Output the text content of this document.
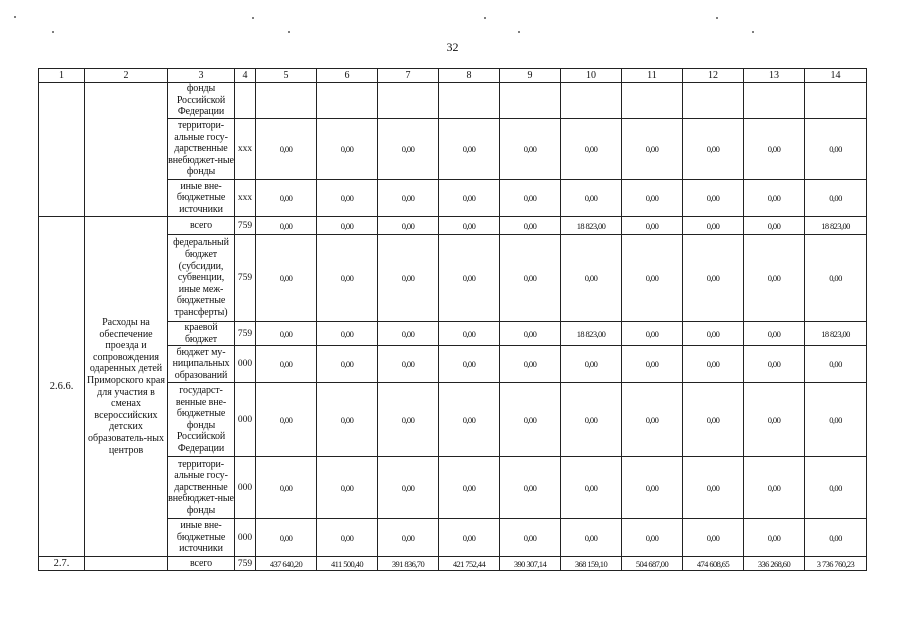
32
1	2	3	4	5	6	7	8	9	10	11	12	13	14
		фонды Российской Федерации											
		территори-альные госу-дарственные внебюджет-ные фонды	xxx	0,00	0,00	0,00	0,00	0,00	0,00	0,00	0,00	0,00	0,00
		иные вне-бюджетные источники	xxx	0,00	0,00	0,00	0,00	0,00	0,00	0,00	0,00	0,00	0,00
2.6.6.	Расходы на обеспечение проезда и сопровождения одаренных детей Приморского края для участия в сменах всероссийских детских образователь-ных центров	всего	759	0,00	0,00	0,00	0,00	0,00	18 823,00	0,00	0,00	0,00	18 823,00
		федеральный бюджет (субсидии, субвенции, иные меж-бюджетные трансферты)	759	0,00	0,00	0,00	0,00	0,00	0,00	0,00	0,00	0,00	0,00
		краевой бюджет	759	0,00	0,00	0,00	0,00	0,00	18 823,00	0,00	0,00	0,00	18 823,00
		бюджет му-ниципальных образований	000	0,00	0,00	0,00	0,00	0,00	0,00	0,00	0,00	0,00	0,00
		государст-венные вне-бюджетные фонды Российской Федерации	000	0,00	0,00	0,00	0,00	0,00	0,00	0,00	0,00	0,00	0,00
		территори-альные госу-дарственные внебюджет-ные фонды	000	0,00	0,00	0,00	0,00	0,00	0,00	0,00	0,00	0,00	0,00
		иные вне-бюджетные источники	000	0,00	0,00	0,00	0,00	0,00	0,00	0,00	0,00	0,00	0,00
2.7.		всего	759	437 640,20	411 500,40	391 836,70	421 752,44	390 307,14	368 159,10	504 687,00	474 608,65	336 268,60	3 736 760,23
